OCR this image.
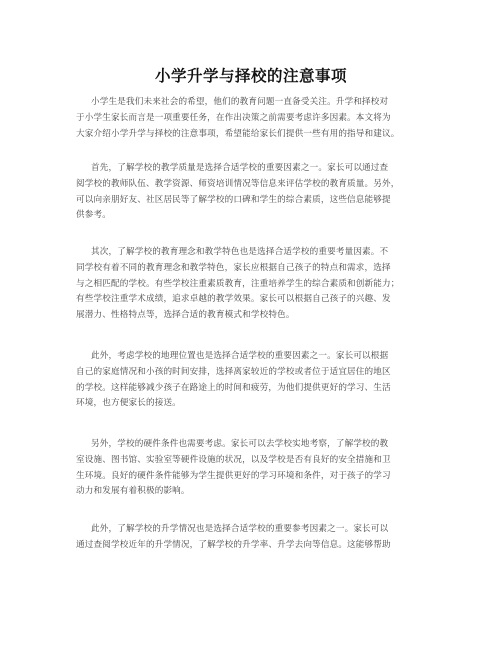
小学升学与择校的注意事项

小学生是我们未来社会的希望，他们的教育问题一直备受关注。升学和择校对
于小学生家长而言是一项重要任务，在作出决策之前需要考虑许多因素。本文将为
大家介绍小学升学与择校的注意事项，希望能给家长们提供一些有用的指导和建议。

首先，了解学校的教学质量是选择合适学校的重要因素之一。家长可以通过查
阅学校的教师队伍、教学资源、师资培训情况等信息来评估学校的教育质量。另外，
可以向亲朋好友、社区居民等了解学校的口碑和学生的综合素质，这些信息能够提
供参考。

其次，了解学校的教育理念和教学特色也是选择合适学校的重要考量因素。不
同学校有着不同的教育理念和教学特色，家长应根据自己孩子的特点和需求，选择
与之相匹配的学校。有些学校注重素质教育，注重培养学生的综合素质和创新能力；
有些学校注重学术成绩，追求卓越的教学效果。家长可以根据自己孩子的兴趣、发
展潜力、性格特点等，选择合适的教育模式和学校特色。

此外，考虑学校的地理位置也是选择合适学校的重要因素之一。家长可以根据
自己的家庭情况和小孩的时间安排，选择离家较近的学校或者位于适宜居住的地区
的学校。这样能够减少孩子在路途上的时间和疲劳，为他们提供更好的学习、生活
环境，也方便家长的接送。

另外，学校的硬件条件也需要考虑。家长可以去学校实地考察，了解学校的教
室设施、图书馆、实验室等硬件设施的状况，以及学校是否有良好的安全措施和卫
生环境。良好的硬件条件能够为学生提供更好的学习环境和条件，对于孩子的学习
动力和发展有着积极的影响。

此外，了解学校的升学情况也是选择合适学校的重要参考因素之一。家长可以
通过查阅学校近年的升学情况，了解学校的升学率、升学去向等信息。这能够帮助
